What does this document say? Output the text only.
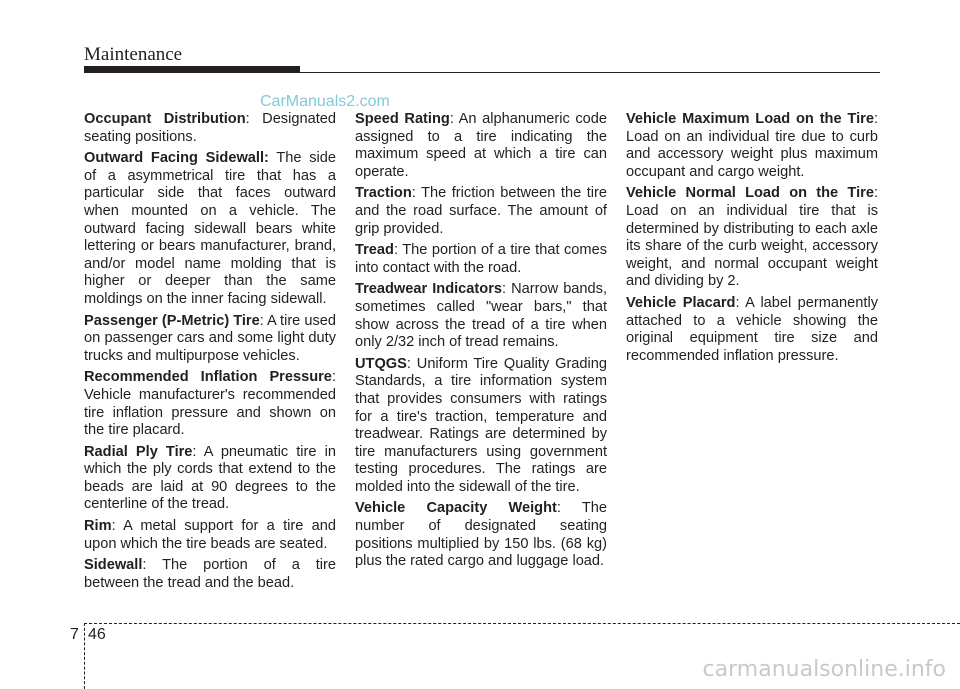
Maintenance
CarManuals2.com

Occupant Distribution: Designated seating positions.

Outward Facing Sidewall: The side of a asymmetrical tire that has a particular side that faces outward when mounted on a vehicle. The outward facing sidewall bears white lettering or bears manufacturer, brand, and/or model name molding that is higher or deeper than the same moldings on the inner facing sidewall.

Passenger (P-Metric) Tire: A tire used on passenger cars and some light duty trucks and multipurpose vehicles.

Recommended Inflation Pressure: Vehicle manufacturer's recommended tire inflation pressure and shown on the tire placard.

Radial Ply Tire: A pneumatic tire in which the ply cords that extend to the beads are laid at 90 degrees to the centerline of the tread.

Rim: A metal support for a tire and upon which the tire beads are seated.

Sidewall: The portion of a tire between the tread and the bead.

Speed Rating: An alphanumeric code assigned to a tire indicating the maximum speed at which a tire can operate.

Traction: The friction between the tire and the road surface. The amount of grip provided.

Tread: The portion of a tire that comes into contact with the road.

Treadwear Indicators: Narrow bands, sometimes called "wear bars," that show across the tread of a tire when only 2/32 inch of tread remains.

UTQGS: Uniform Tire Quality Grading Standards, a tire information system that provides consumers with ratings for a tire's traction, temperature and treadwear. Ratings are determined by tire manufacturers using government testing procedures. The ratings are molded into the sidewall of the tire.

Vehicle Capacity Weight: The number of designated seating positions multiplied by 150 lbs. (68 kg) plus the rated cargo and luggage load.

Vehicle Maximum Load on the Tire: Load on an individual tire due to curb and accessory weight plus maximum occupant and cargo weight.

Vehicle Normal Load on the Tire: Load on an individual tire that is determined by distributing to each axle its share of the curb weight, accessory weight, and normal occupant weight and dividing by 2.

Vehicle Placard: A label permanently attached to a vehicle showing the original equipment tire size and recommended inflation pressure.

7 46
carmanualsonline.info
